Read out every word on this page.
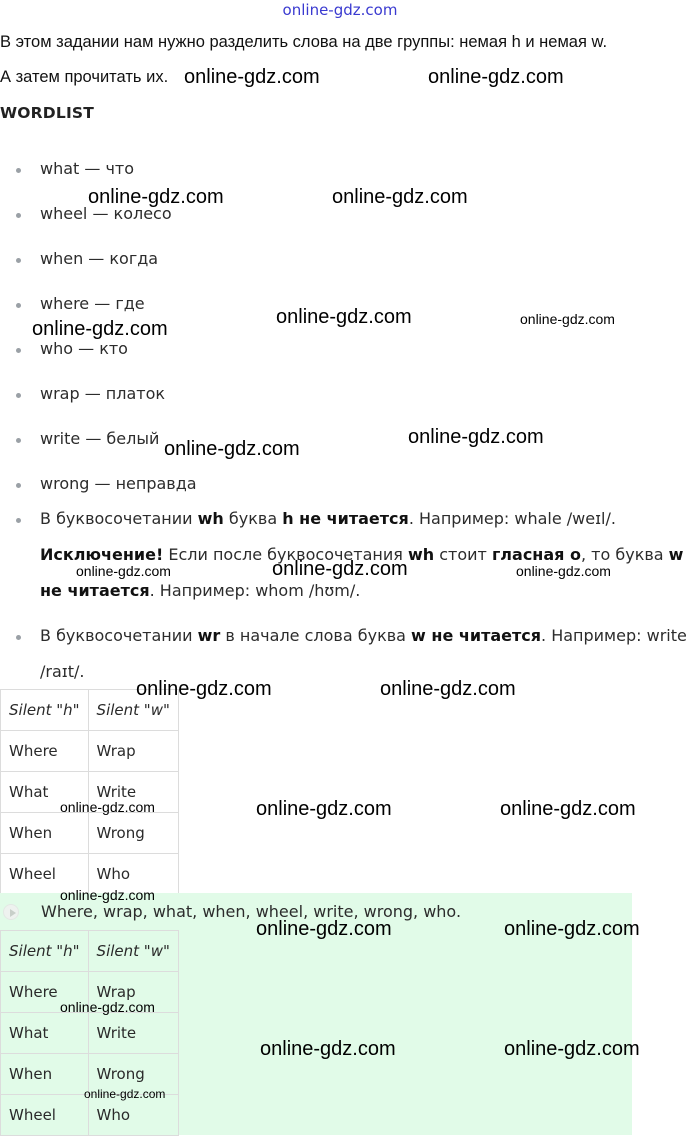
online-gdz.com
В этом задании нам нужно разделить слова на две группы: немая h и немая w.
А затем прочитать их.
WORDLIST
what — что
wheel — колесо
when — когда
where — где
who — кто
wrap — платок
write — белый
wrong — неправда
В буквосочетании wh буква h не читается. Например: whale /weɪl/.
Исключение! Если после буквосочетания wh стоит гласная о, то буква w
не читается. Например: whom /hʊm/.
В буквосочетании wr в начале слова буква w не читается. Например: write
/raɪt/.
Silent "h"	Silent "w"
Where	Wrap
What	Write
When	Wrong
Wheel	Who
Where, wrap, what, when, wheel, write, wrong, who.
Silent "h"	Silent "w"
Where	Wrap
What	Write
When	Wrong
Wheel	Who
online-gdz.com	online-gdz.com
online-gdz.com	online-gdz.com
online-gdz.com
online-gdz.com	online-gdz.com
online-gdz.com
online-gdz.com
online-gdz.com	online-gdz.com	online-gdz.com
online-gdz.com	online-gdz.com
online-gdz.com	online-gdz.com	online-gdz.com
online-gdz.com
online-gdz.com	online-gdz.com
online-gdz.com
online-gdz.com	online-gdz.com
online-gdz.com
